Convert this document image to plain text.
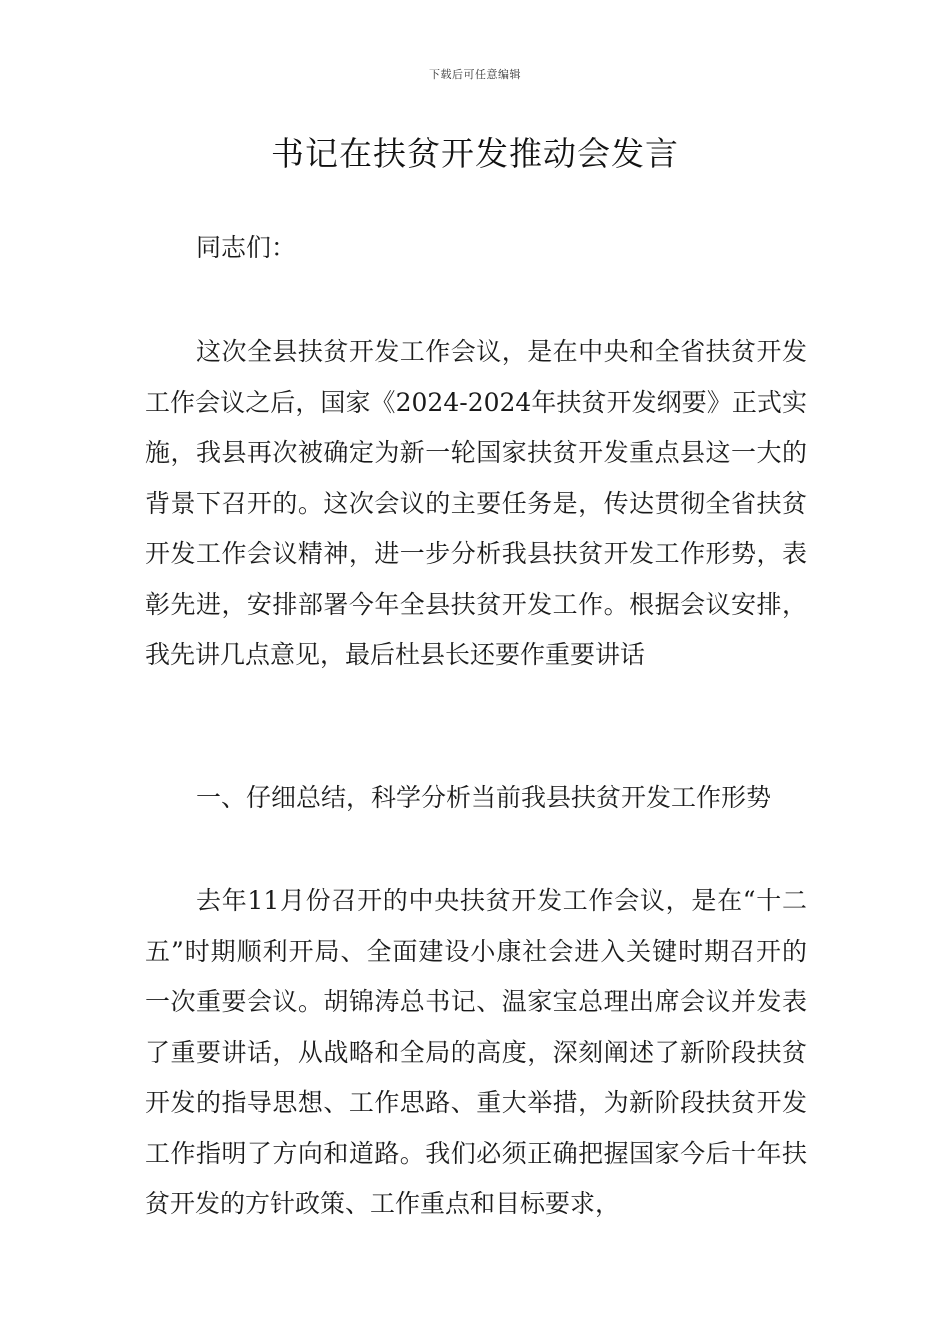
下载后可任意编辑
书记在扶贫开发推动会发言

同志们：

这次全县扶贫开发工作会议，是在中央和全省扶贫开发工作会议之后，国家《2024-2024年扶贫开发纲要》正式实施，我县再次被确定为新一轮国家扶贫开发重点县这一大的背景下召开的。这次会议的主要任务是，传达贯彻全省扶贫开发工作会议精神，进一步分析我县扶贫开发工作形势，表彰先进，安排部署今年全县扶贫开发工作。根据会议安排，我先讲几点意见，最后杜县长还要作重要讲话

一、仔细总结，科学分析当前我县扶贫开发工作形势

去年11月份召开的中央扶贫开发工作会议，是在“十二五”时期顺利开局、全面建设小康社会进入关键时期召开的一次重要会议。胡锦涛总书记、温家宝总理出席会议并发表了重要讲话，从战略和全局的高度，深刻阐述了新阶段扶贫开发的指导思想、工作思路、重大举措，为新阶段扶贫开发工作指明了方向和道路。我们必须正确把握国家今后十年扶贫开发的方针政策、工作重点和目标要求，
